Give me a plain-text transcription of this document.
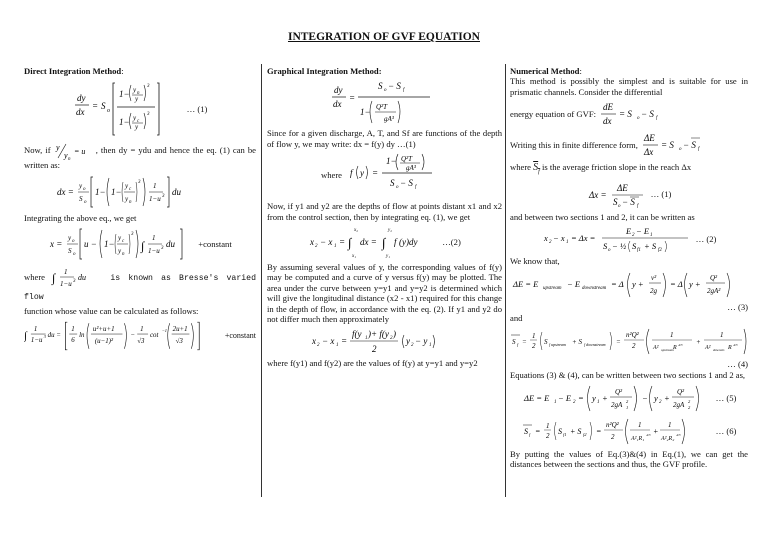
INTEGRATION OF GVF EQUATION
Direct Integration Method:
dy
dx
= S o
1− y n
y
3
1− y c
y
3
… (1)

Now, if y
y n
= u , then dy = ydu and hence the eq. (1) can be written as:

dx =
y o
S o
1− 1−
y c
y n
3 1
1−u 3 du

Integrating the above eq., we get

x =
y o
S o
u − 1−
y c
y n
3
∫
1
1−u 3 du	+constant

where ∫ 1
1−u 3 du	is known as Bresse's varied flow

function whose value can be calculated as follows:

∫
1
1−u
3 du =
1
6
ln
u²+u+1
(u−1)²
−
1
√3
cot
−1 2u+1
√3
+constant
Graphical Integration Method:
dy
dx
=
S o − S f
1− Q²T
gA³

Since for a given discharge, A, T, and Sf are functions of the depth of flow y, we may write: dx = f(y) dy …(1)

where f y =
1− Q²T
gA³
S o − S f

Now, if y1 and y2 are the depths of flow at points distant x1 and x2 from the control section, then by integrating eq. (1), we get

x 2 − x 1 = ∫
x₂
x₁
dx = ∫
y₂
y₁
f (y)dy	…(2)

By assuming several values of y, the corresponding values of f(y) may be computed and a curve of y versus f(y) may be plotted. The area under the curve between y=y1 and y=y2 is determined which will give the longitudinal distance (x2 - x1) required for this change in the depth of flow, in accordance with the eq. (2). If y1 and y2 do not differ much then approximately

x 2 − x 1 =
f(y 1 )+ f(y 2 )
2
y 2 − y 1

where f(y1) and f(y2) are the values of f(y) at y=y1 and y=y2

Numerical Method:

This method is possibly the simplest and is suitable for use in prismatic channels. Consider the differential

energy equation of GVF:
dE
dx
= S o − S f
Writing this in finite difference form,
ΔE
Δx
= S o − S f

where $S_f$ is the average friction slope in the reach Δx

Δx =
ΔE
S o − S f
… (1)

and between two sections 1 and 2, it can be written as

x 2 − x 1 = Δx =
E 2 − E 1
S o − ½ S f1 + S f2
… (2)

We know that,

ΔE = E upstream − E downstream = Δ y +
v²
2g
= Δ y +
Q²
2gA²
… (3)

and

S f =
1
2 S f upstream + S f downstream =
n²Q²
2
1
A² upstream R 4/3 +
1
A² downstr. R 4/3
… (4)

Equations (3) & (4), can be written between two sections 1 and 2 as,

ΔE = E 1 − E 2 = y 1 +
Q²
2gA 1
2 − y 2 +
Q²
2gA 2
2	… (5)
S f =
1
2 S f1 + S f2 =
n²Q²
2
1
A²₁R₁
4/3 +
1
A²₂R₂
4/3	… (6)

By putting the values of Eq.(3)&(4) in Eq.(1), we can get the distances between the sections and thus, the GVF profile.
